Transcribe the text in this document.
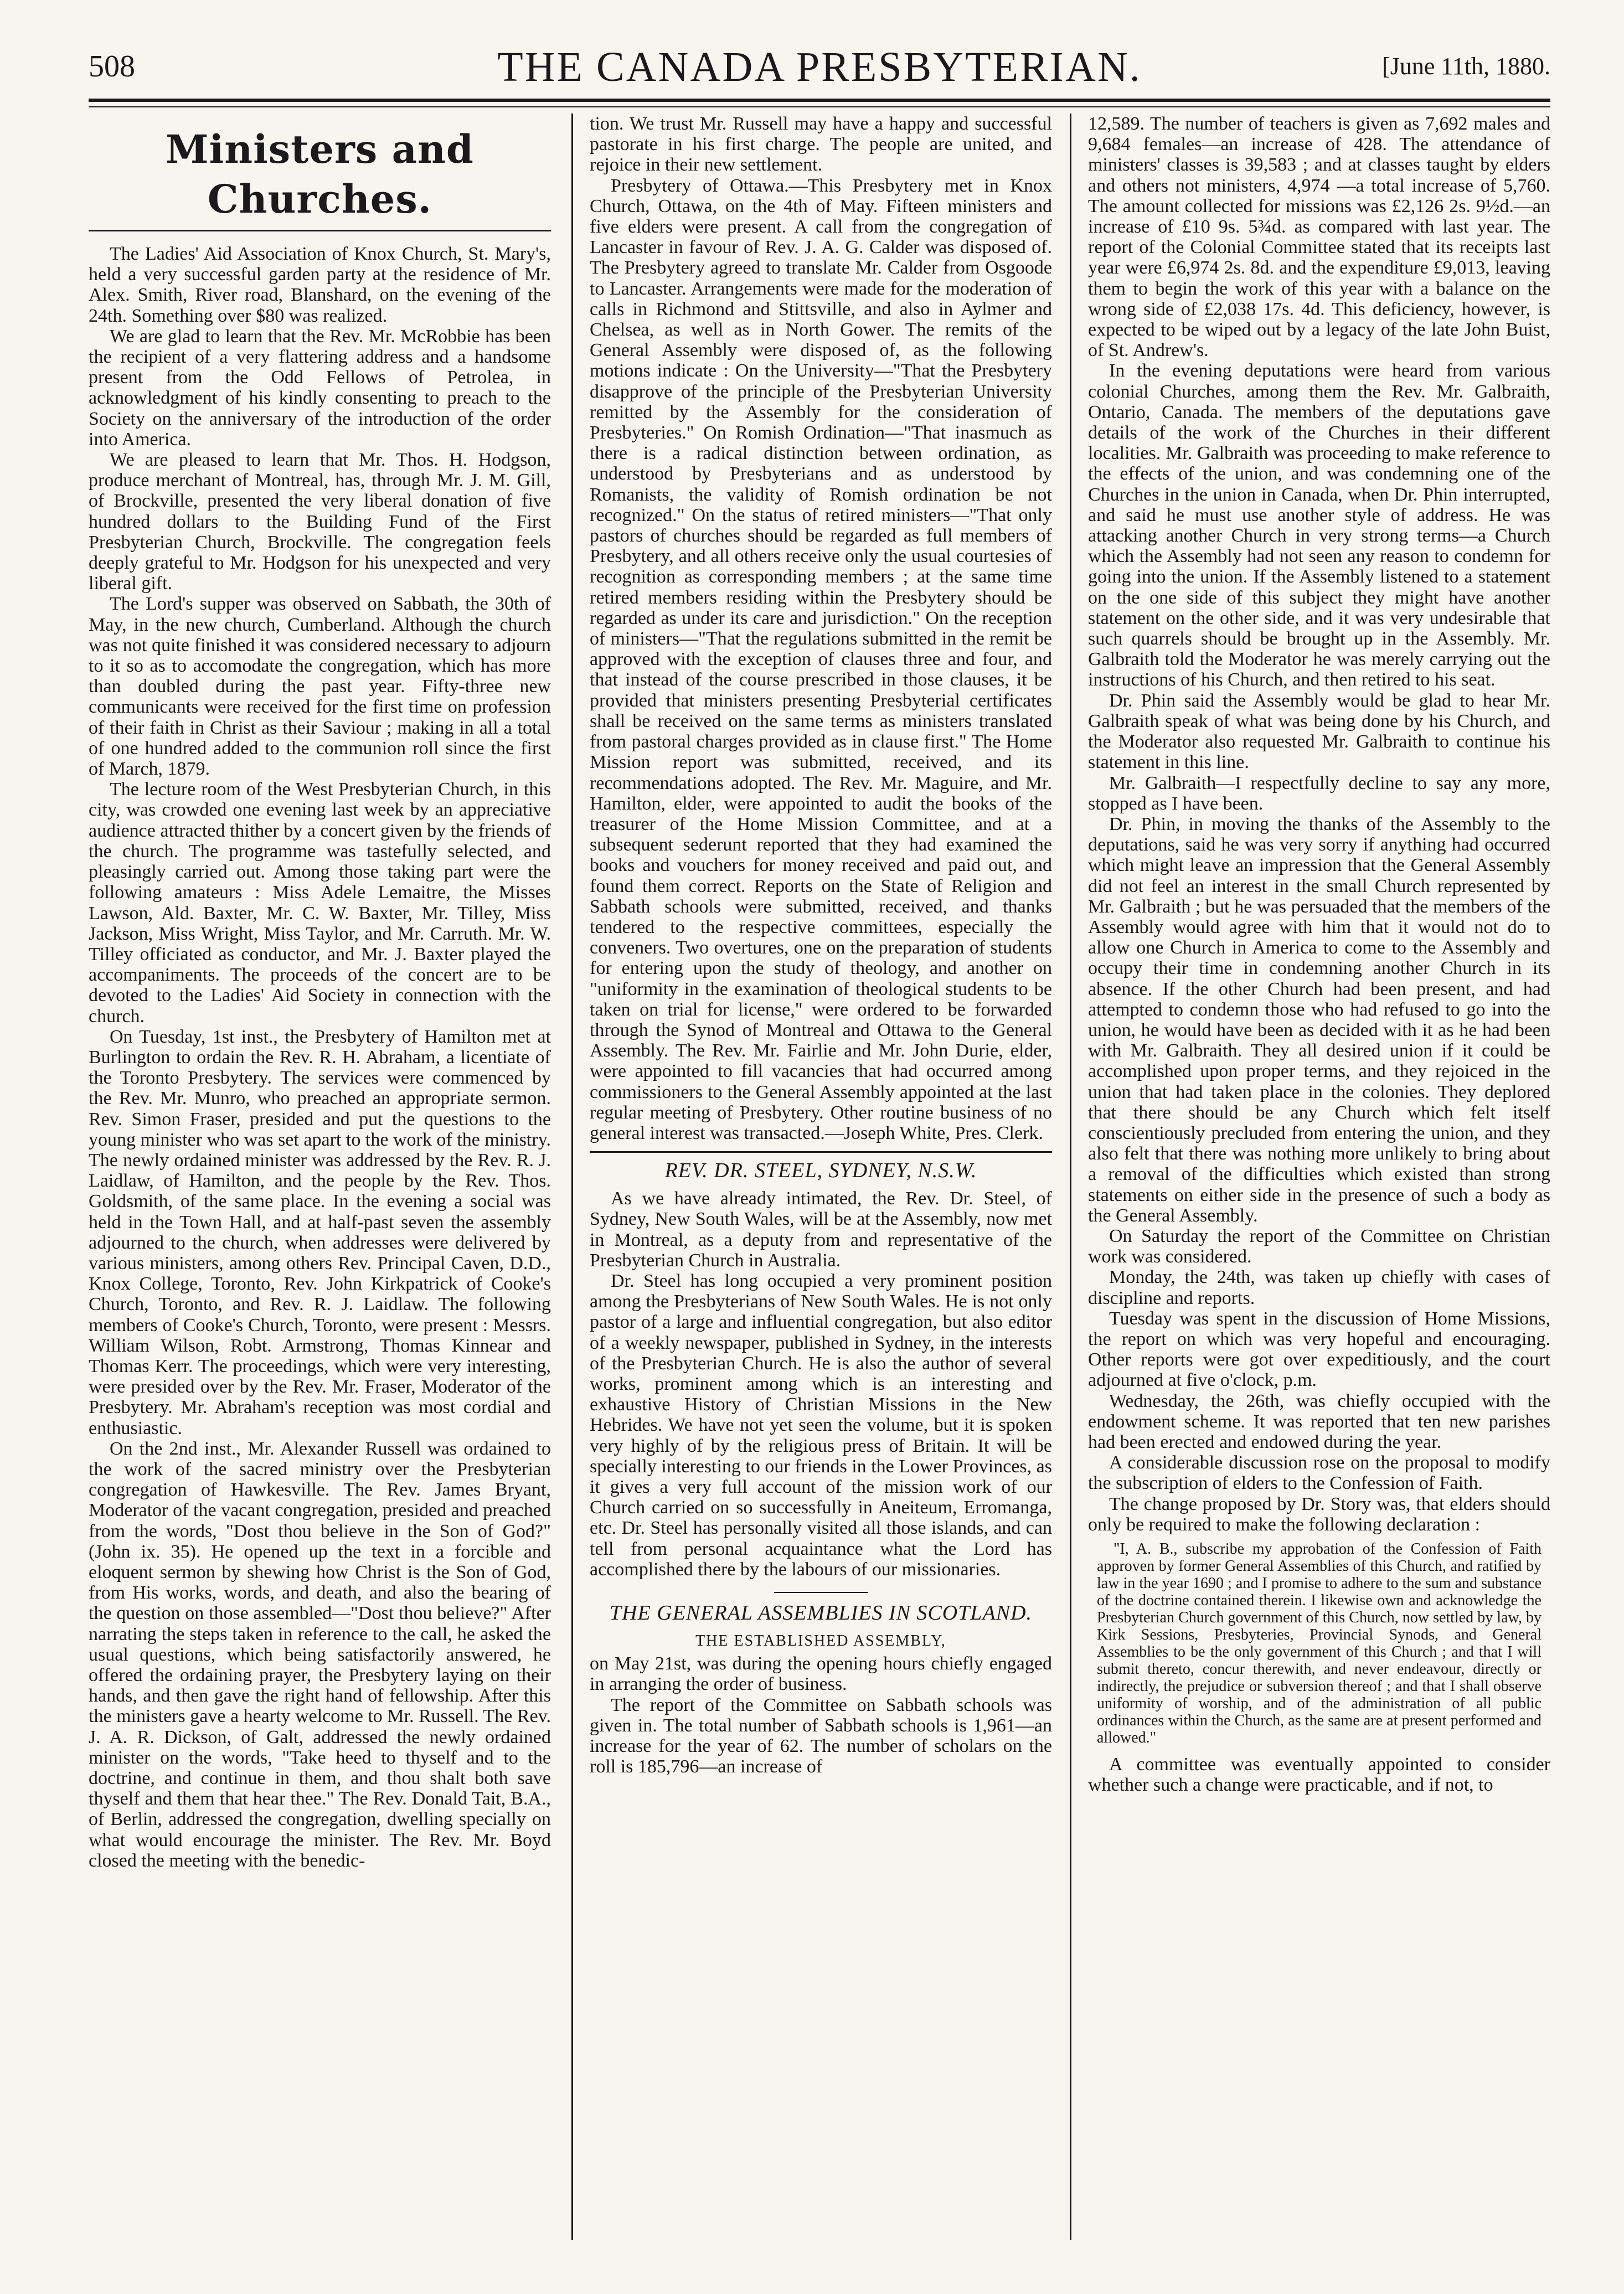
508	THE CANADA PRESBYTERIAN.	[June 11th, 1880.
Ministers and Churches.

The Ladies' Aid Association of Knox Church, St. Mary's, held a very successful garden party at the residence of Mr. Alex. Smith, River road, Blanshard, on the evening of the 24th. Something over $80 was realized.

We are glad to learn that the Rev. Mr. McRobbie has been the recipient of a very flattering address and a handsome present from the Odd Fellows of Petrolea, in acknowledgment of his kindly consenting to preach to the Society on the anniversary of the introduction of the order into America.

We are pleased to learn that Mr. Thos. H. Hodgson, produce merchant of Montreal, has, through Mr. J. M. Gill, of Brockville, presented the very liberal donation of five hundred dollars to the Building Fund of the First Presbyterian Church, Brockville. The congregation feels deeply grateful to Mr. Hodgson for his unexpected and very liberal gift.

The Lord's supper was observed on Sabbath, the 30th of May, in the new church, Cumberland. Although the church was not quite finished it was considered necessary to adjourn to it so as to accomodate the congregation, which has more than doubled during the past year. Fifty-three new communicants were received for the first time on profession of their faith in Christ as their Saviour ; making in all a total of one hundred added to the communion roll since the first of March, 1879.

The lecture room of the West Presbyterian Church, in this city, was crowded one evening last week by an appreciative audience attracted thither by a concert given by the friends of the church. The programme was tastefully selected, and pleasingly carried out. Among those taking part were the following amateurs : Miss Adele Lemaitre, the Misses Lawson, Ald. Baxter, Mr. C. W. Baxter, Mr. Tilley, Miss Jackson, Miss Wright, Miss Taylor, and Mr. Carruth. Mr. W. Tilley officiated as conductor, and Mr. J. Baxter played the accompaniments. The proceeds of the concert are to be devoted to the Ladies' Aid Society in connection with the church.

On Tuesday, 1st inst., the Presbytery of Hamilton met at Burlington to ordain the Rev. R. H. Abraham, a licentiate of the Toronto Presbytery. The services were commenced by the Rev. Mr. Munro, who preached an appropriate sermon. Rev. Simon Fraser, presided and put the questions to the young minister who was set apart to the work of the ministry. The newly ordained minister was addressed by the Rev. R. J. Laidlaw, of Hamilton, and the people by the Rev. Thos. Goldsmith, of the same place. In the evening a social was held in the Town Hall, and at half-past seven the assembly adjourned to the church, when addresses were delivered by various ministers, among others Rev. Principal Caven, D.D., Knox College, Toronto, Rev. John Kirkpatrick of Cooke's Church, Toronto, and Rev. R. J. Laidlaw. The following members of Cooke's Church, Toronto, were present : Messrs. William Wilson, Robt. Armstrong, Thomas Kinnear and Thomas Kerr. The proceedings, which were very interesting, were presided over by the Rev. Mr. Fraser, Moderator of the Presbytery. Mr. Abraham's reception was most cordial and enthusiastic.

On the 2nd inst., Mr. Alexander Russell was ordained to the work of the sacred ministry over the Presbyterian congregation of Hawkesville. The Rev. James Bryant, Moderator of the vacant congregation, presided and preached from the words, "Dost thou believe in the Son of God?" (John ix. 35). He opened up the text in a forcible and eloquent sermon by shewing how Christ is the Son of God, from His works, words, and death, and also the bearing of the question on those assembled—"Dost thou believe?" After narrating the steps taken in reference to the call, he asked the usual questions, which being satisfactorily answered, he offered the ordaining prayer, the Presbytery laying on their hands, and then gave the right hand of fellowship. After this the ministers gave a hearty welcome to Mr. Russell. The Rev. J. A. R. Dickson, of Galt, addressed the newly ordained minister on the words, "Take heed to thyself and to the doctrine, and continue in them, and thou shalt both save thyself and them that hear thee." The Rev. Donald Tait, B.A., of Berlin, addressed the congregation, dwelling specially on what would encourage the minister. The Rev. Mr. Boyd closed the meeting with the benedic-

tion. We trust Mr. Russell may have a happy and successful pastorate in his first charge. The people are united, and rejoice in their new settlement.

Presbytery of Ottawa.—This Presbytery met in Knox Church, Ottawa, on the 4th of May. Fifteen ministers and five elders were present. A call from the congregation of Lancaster in favour of Rev. J. A. G. Calder was disposed of. The Presbytery agreed to translate Mr. Calder from Osgoode to Lancaster. Arrangements were made for the moderation of calls in Richmond and Stittsville, and also in Aylmer and Chelsea, as well as in North Gower. The remits of the General Assembly were disposed of, as the following motions indicate : On the University—"That the Presbytery disapprove of the principle of the Presbyterian University remitted by the Assembly for the consideration of Presbyteries." On Romish Ordination—"That inasmuch as there is a radical distinction between ordination, as understood by Presbyterians and as understood by Romanists, the validity of Romish ordination be not recognized." On the status of retired ministers—"That only pastors of churches should be regarded as full members of Presbytery, and all others receive only the usual courtesies of recognition as corresponding members ; at the same time retired members residing within the Presbytery should be regarded as under its care and jurisdiction." On the reception of ministers—"That the regulations submitted in the remit be approved with the exception of clauses three and four, and that instead of the course prescribed in those clauses, it be provided that ministers presenting Presbyterial certificates shall be received on the same terms as ministers translated from pastoral charges provided as in clause first." The Home Mission report was submitted, received, and its recommendations adopted. The Rev. Mr. Maguire, and Mr. Hamilton, elder, were appointed to audit the books of the treasurer of the Home Mission Committee, and at a subsequent sederunt reported that they had examined the books and vouchers for money received and paid out, and found them correct. Reports on the State of Religion and Sabbath schools were submitted, received, and thanks tendered to the respective committees, especially the conveners. Two overtures, one on the preparation of students for entering upon the study of theology, and another on "uniformity in the examination of theological students to be taken on trial for license," were ordered to be forwarded through the Synod of Montreal and Ottawa to the General Assembly. The Rev. Mr. Fairlie and Mr. John Durie, elder, were appointed to fill vacancies that had occurred among commissioners to the General Assembly appointed at the last regular meeting of Presbytery. Other routine business of no general interest was transacted.—Joseph White, Pres. Clerk.

REV. DR. STEEL, SYDNEY, N.S.W.

As we have already intimated, the Rev. Dr. Steel, of Sydney, New South Wales, will be at the Assembly, now met in Montreal, as a deputy from and representative of the Presbyterian Church in Australia.

Dr. Steel has long occupied a very prominent position among the Presbyterians of New South Wales. He is not only pastor of a large and influential congregation, but also editor of a weekly newspaper, published in Sydney, in the interests of the Presbyterian Church. He is also the author of several works, prominent among which is an interesting and exhaustive History of Christian Missions in the New Hebrides. We have not yet seen the volume, but it is spoken very highly of by the religious press of Britain. It will be specially interesting to our friends in the Lower Provinces, as it gives a very full account of the mission work of our Church carried on so successfully in Aneiteum, Erromanga, etc. Dr. Steel has personally visited all those islands, and can tell from personal acquaintance what the Lord has accomplished there by the labours of our missionaries.

THE GENERAL ASSEMBLIES IN SCOTLAND.
THE ESTABLISHED ASSEMBLY,

on May 21st, was during the opening hours chiefly engaged in arranging the order of business.

The report of the Committee on Sabbath schools was given in. The total number of Sabbath schools is 1,961—an increase for the year of 62. The number of scholars on the roll is 185,796—an increase of

12,589. The number of teachers is given as 7,692 males and 9,684 females—an increase of 428. The attendance of ministers' classes is 39,583 ; and at classes taught by elders and others not ministers, 4,974 —a total increase of 5,760. The amount collected for missions was £2,126 2s. 9½d.—an increase of £10 9s. 5¾d. as compared with last year. The report of the Colonial Committee stated that its receipts last year were £6,974 2s. 8d. and the expenditure £9,013, leaving them to begin the work of this year with a balance on the wrong side of £2,038 17s. 4d. This deficiency, however, is expected to be wiped out by a legacy of the late John Buist, of St. Andrew's.

In the evening deputations were heard from various colonial Churches, among them the Rev. Mr. Galbraith, Ontario, Canada. The members of the deputations gave details of the work of the Churches in their different localities. Mr. Galbraith was proceeding to make reference to the effects of the union, and was condemning one of the Churches in the union in Canada, when Dr. Phin interrupted, and said he must use another style of address. He was attacking another Church in very strong terms—a Church which the Assembly had not seen any reason to condemn for going into the union. If the Assembly listened to a statement on the one side of this subject they might have another statement on the other side, and it was very undesirable that such quarrels should be brought up in the Assembly. Mr. Galbraith told the Moderator he was merely carrying out the instructions of his Church, and then retired to his seat.

Dr. Phin said the Assembly would be glad to hear Mr. Galbraith speak of what was being done by his Church, and the Moderator also requested Mr. Galbraith to continue his statement in this line.

Mr. Galbraith—I respectfully decline to say any more, stopped as I have been.

Dr. Phin, in moving the thanks of the Assembly to the deputations, said he was very sorry if anything had occurred which might leave an impression that the General Assembly did not feel an interest in the small Church represented by Mr. Galbraith ; but he was persuaded that the members of the Assembly would agree with him that it would not do to allow one Church in America to come to the Assembly and occupy their time in condemning another Church in its absence. If the other Church had been present, and had attempted to condemn those who had refused to go into the union, he would have been as decided with it as he had been with Mr. Galbraith. They all desired union if it could be accomplished upon proper terms, and they rejoiced in the union that had taken place in the colonies. They deplored that there should be any Church which felt itself conscientiously precluded from entering the union, and they also felt that there was nothing more unlikely to bring about a removal of the difficulties which existed than strong statements on either side in the presence of such a body as the General Assembly.

On Saturday the report of the Committee on Christian work was considered.

Monday, the 24th, was taken up chiefly with cases of discipline and reports.

Tuesday was spent in the discussion of Home Missions, the report on which was very hopeful and encouraging. Other reports were got over expeditiously, and the court adjourned at five o'clock, p.m.

Wednesday, the 26th, was chiefly occupied with the endowment scheme. It was reported that ten new parishes had been erected and endowed during the year.

A considerable discussion rose on the proposal to modify the subscription of elders to the Confession of Faith.

The change proposed by Dr. Story was, that elders should only be required to make the following declaration :

"I, A. B., subscribe my approbation of the Confession of Faith approven by former General Assemblies of this Church, and ratified by law in the year 1690 ; and I promise to adhere to the sum and substance of the doctrine contained therein. I likewise own and acknowledge the Presbyterian Church government of this Church, now settled by law, by Kirk Sessions, Presbyteries, Provincial Synods, and General Assemblies to be the only government of this Church ; and that I will submit thereto, concur therewith, and never endeavour, directly or indirectly, the prejudice or subversion thereof ; and that I shall observe uniformity of worship, and of the administration of all public ordinances within the Church, as the same are at present performed and allowed."

A committee was eventually appointed to consider whether such a change were practicable, and if not, to
